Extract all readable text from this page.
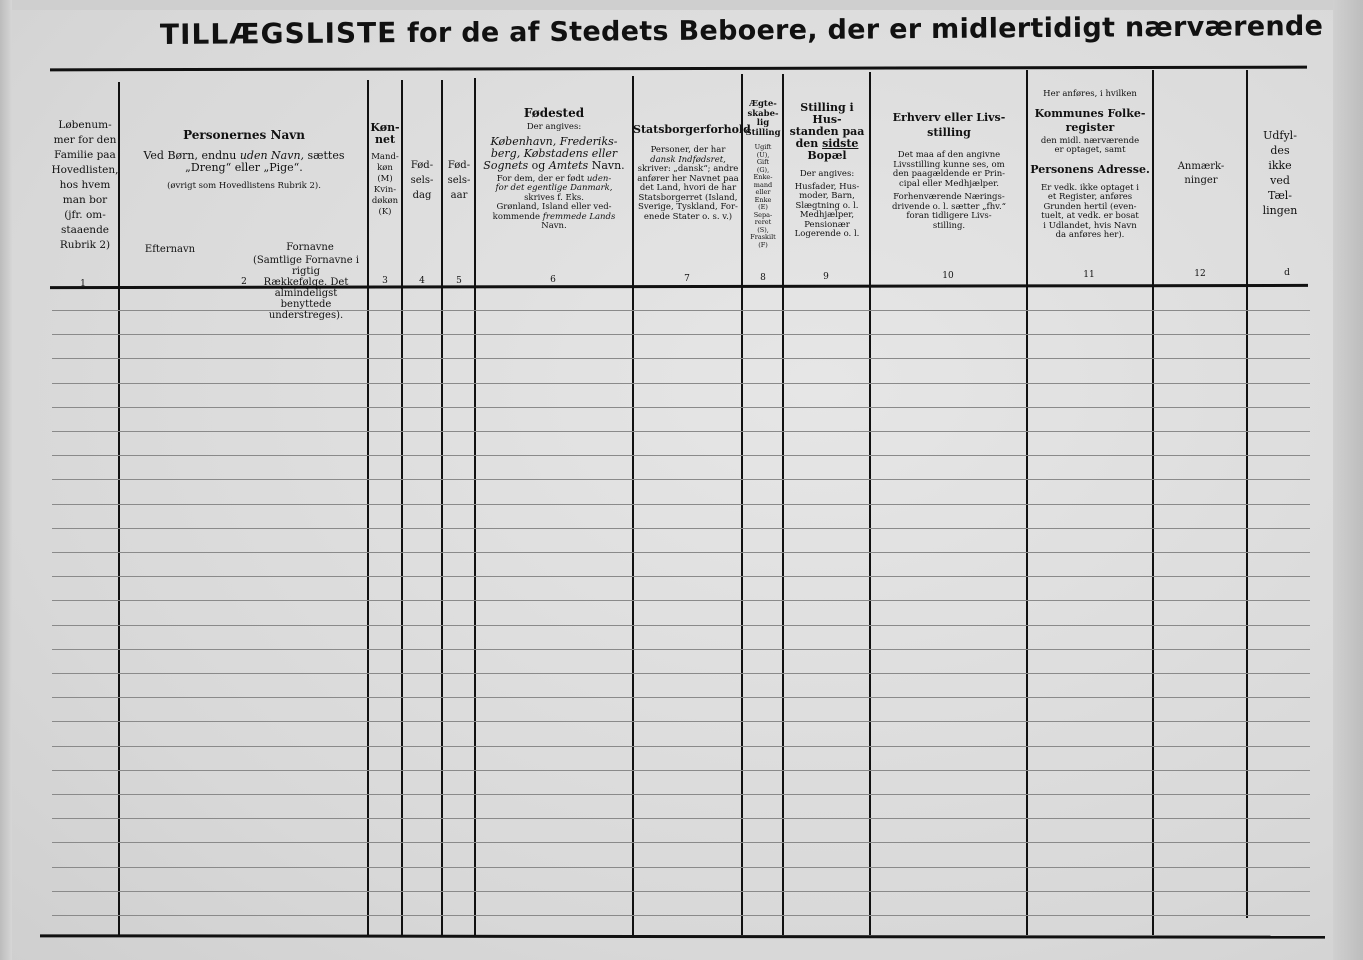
TILLÆGSLISTE for de af Stedets Beboere, der er midlertidigt nærværende
Løbenum-
mer for den
Familie paa
Hovedlisten,
hos hvem
man bor
(jfr. om-
staaende
Rubrik 2)
Personernes Navn
Ved Børn, endnu uden Navn, sættes
„Dreng“ eller „Pige“.
(øvrigt som Hovedlistens Rubrik 2).
Efternavn	Fornavne
(Samtlige Fornavne i rigtig
Rækkefølge. Det almindeligst
benyttede understreges).
Køn-
net
Mand-
køn
(M)
Kvin-
døkøn
(K)
Fød-
sels-
dag
Fød-
sels-
aar
Fødested
Der angives:
København, Frederiks-
berg, Købstadens eller
Sognets og Amtets Navn.
For dem, der er født uden-
for det egentlige Danmark,
skrives f. Eks.
Grønland, Island eller ved-
kommende fremmede Lands
Navn.
Statsborgerforhold
Personer, der har
dansk Indfødsret,
skriver: „dansk“; andre
anfører her Navnet paa
det Land, hvori de har
Statsborgerret (Island,
Sverige, Tyskland, For-
enede Stater o. s. v.)
Ægte-
skabe-
lig
Stilling
Ugift
(U),
Gift
(G),
Enke-
mand
eller
Enke
(E)
Sepa-
reret
(S),
Fraskilt
(F)
Stilling i Hus-
standen paa
den sidste
Bopæl
Der angives:
Husfader, Hus-
moder, Barn,
Slægtning o. l.
Medhjælper,
Pensionær
Logerende o. l.
Erhverv eller Livs-
stilling
Det maa af den angivne
Livsstilling kunne ses, om
den paagældende er Prin-
cipal eller Medhjælper.
Forhenværende Nærings-
drivende o. l. sætter „fhv.“
foran tidligere Livs-
stilling.
Her anføres, i hvilken
Kommunes Folke-
register
den midl. nærværende
er optaget, samt
Personens Adresse.
Er vedk. ikke optaget i
et Register, anføres
Grunden hertil (even-
tuelt, at vedk. er bosat
i Udlandet, hvis Navn
da anføres her).
Anmærk-
ninger
Udfyl-
des
ikke
ved
Tæl-
lingen
1	2	3	4	5	6	7	8	9	10	11	12	d
